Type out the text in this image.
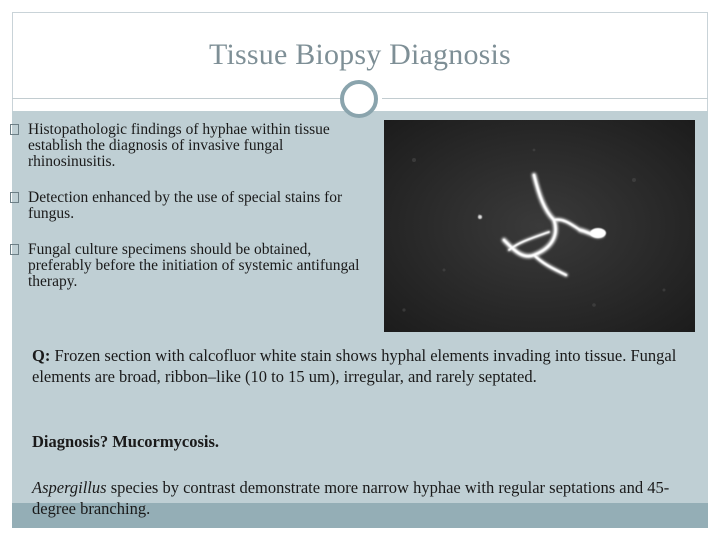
Tissue Biopsy Diagnosis
Histopathologic findings of hyphae within tissue establish the diagnosis of invasive fungal rhinosinusitis.
Detection enhanced by the use of special stains for fungus.
Fungal culture specimens should be obtained, preferably before the initiation of systemic antifungal therapy.
Q: Frozen section with calcofluor white stain shows hyphal elements invading into tissue. Fungal elements are broad, ribbon–like (10 to 15 um), irregular, and rarely septated.
Diagnosis? Mucormycosis.
Aspergillus species by contrast demonstrate more narrow hyphae with regular septations and 45-degree branching.
